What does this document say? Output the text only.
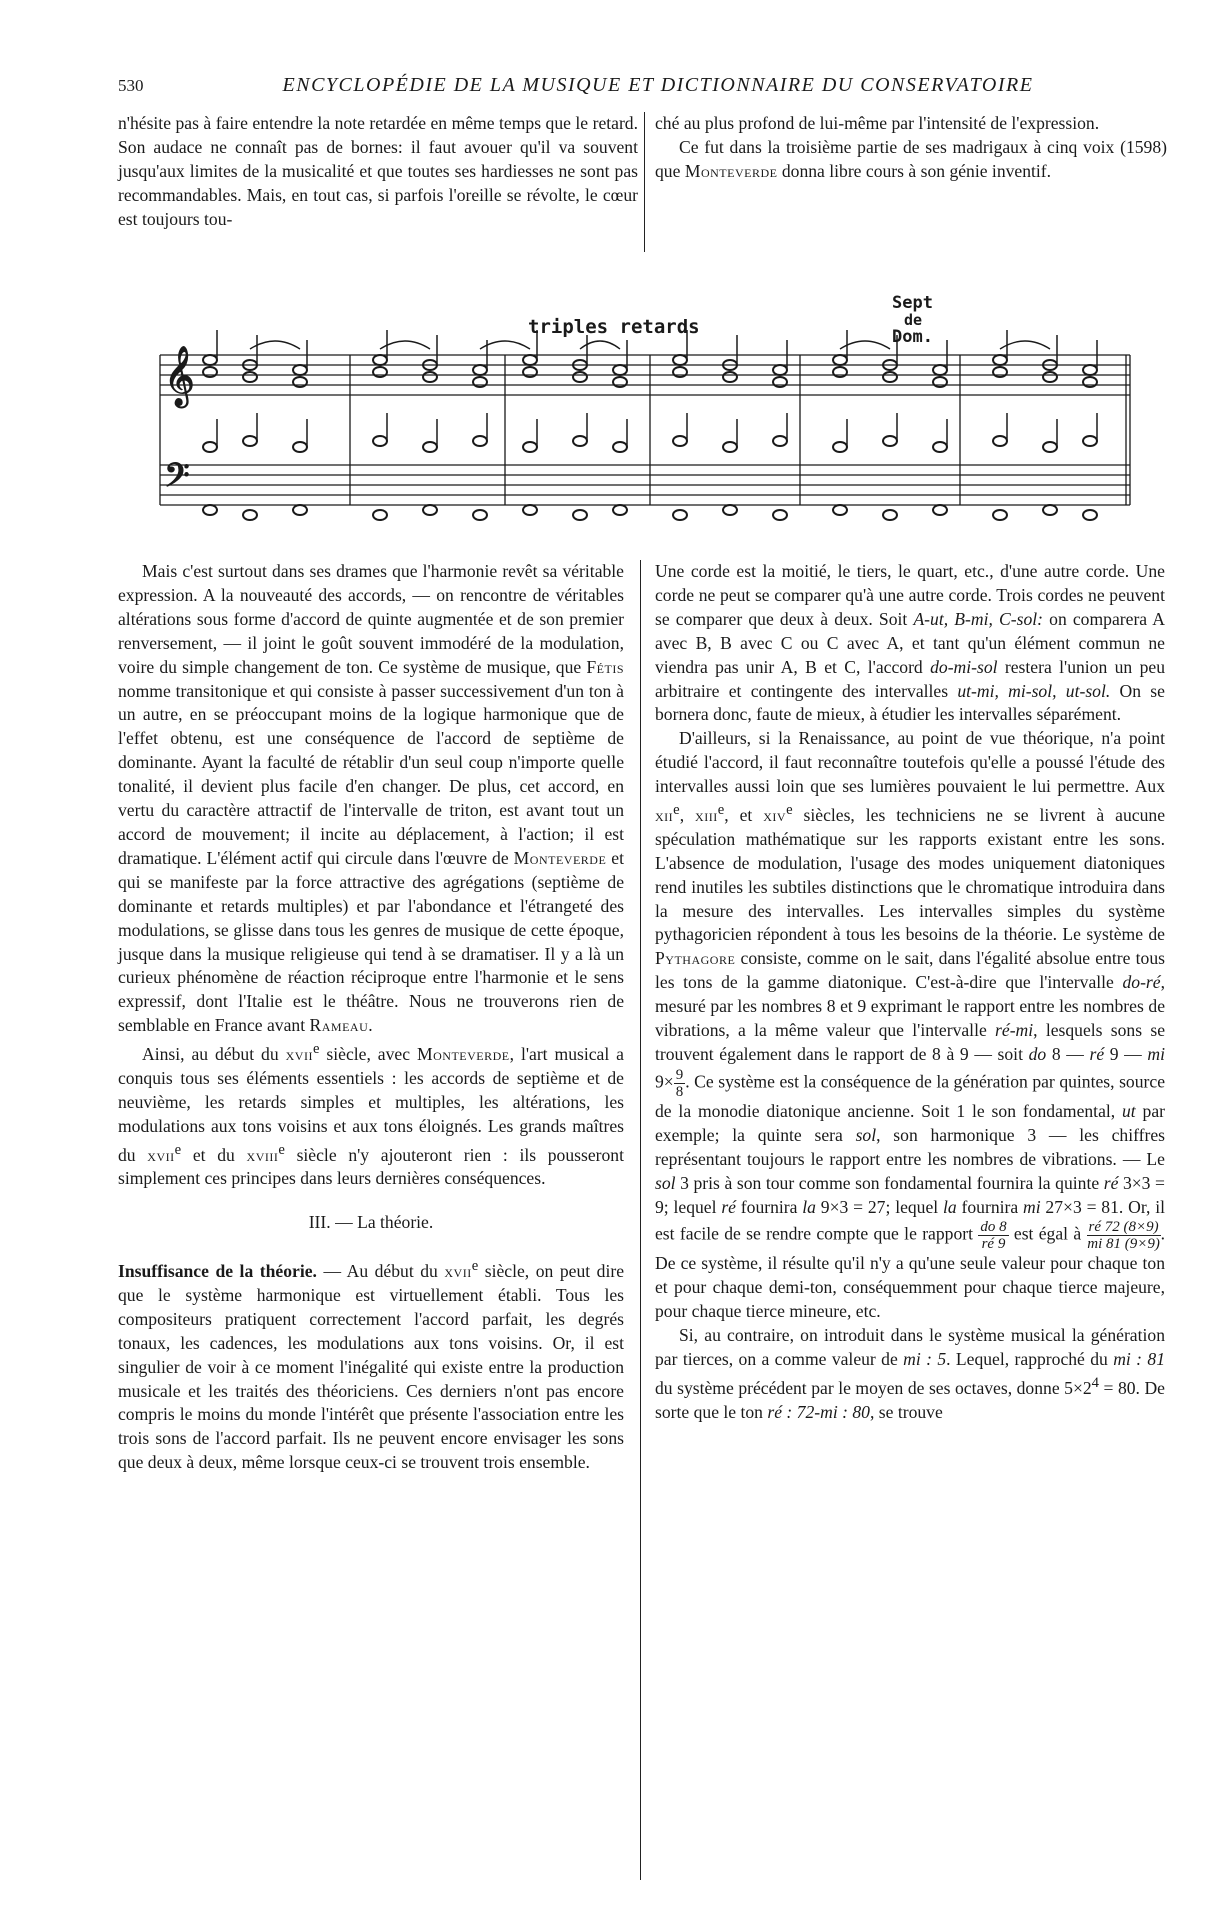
530	ENCYCLOPÉDIE DE LA MUSIQUE ET DICTIONNAIRE DU CONSERVATOIRE

n'hésite pas à faire entendre la note retardée en même temps que le retard. Son audace ne connaît pas de bornes: il faut avouer qu'il va souvent jusqu'aux limites de la musicalité et que toutes ses hardiesses ne sont pas recommandables. Mais, en tout cas, si parfois l'oreille se révolte, le cœur est toujours tou-

ché au plus profond de lui-même par l'intensité de l'expression.

Ce fut dans la troisième partie de ses madrigaux à cinq voix (1598) que Monteverde donna libre cours à son génie inventif.

triples retards
Sept
de
Dom.
𝄞
𝄢

Mais c'est surtout dans ses drames que l'harmonie revêt sa véritable expression. A la nouveauté des accords, — on rencontre de véritables altérations sous forme d'accord de quinte augmentée et de son premier renversement, — il joint le goût souvent immodéré de la modulation, voire du simple changement de ton. Ce système de musique, que Fétis nomme transitonique et qui consiste à passer successivement d'un ton à un autre, en se préoccupant moins de la logique harmonique que de l'effet obtenu, est une conséquence de l'accord de septième de dominante. Ayant la faculté de rétablir d'un seul coup n'importe quelle tonalité, il devient plus facile d'en changer. De plus, cet accord, en vertu du caractère attractif de l'intervalle de triton, est avant tout un accord de mouvement; il incite au déplacement, à l'action; il est dramatique. L'élément actif qui circule dans l'œuvre de Monteverde et qui se manifeste par la force attractive des agrégations (septième de dominante et retards multiples) et par l'abondance et l'étrangeté des modulations, se glisse dans tous les genres de musique de cette époque, jusque dans la musique religieuse qui tend à se dramatiser. Il y a là un curieux phénomène de réaction réciproque entre l'harmonie et le sens expressif, dont l'Italie est le théâtre. Nous ne trouverons rien de semblable en France avant Rameau.

Ainsi, au début du xvii$^e$ siècle, avec Monteverde, l'art musical a conquis tous ses éléments essentiels : les accords de septième et de neuvième, les retards simples et multiples, les altérations, les modulations aux tons voisins et aux tons éloignés. Les grands maîtres du xvii$^e$ et du xviii$^e$ siècle n'y ajouteront rien : ils pousseront simplement ces principes dans leurs dernières conséquences.

III. — La théorie.

Insuffisance de la théorie. — Au début du xvii$^e$ siècle, on peut dire que le système harmonique est virtuellement établi. Tous les compositeurs pratiquent correctement l'accord parfait, les degrés tonaux, les cadences, les modulations aux tons voisins. Or, il est singulier de voir à ce moment l'inégalité qui existe entre la production musicale et les traités des théoriciens. Ces derniers n'ont pas encore compris le moins du monde l'intérêt que présente l'association entre les trois sons de l'accord parfait. Ils ne peuvent encore envisager les sons que deux à deux, même lorsque ceux-ci se trouvent trois ensemble.

Une corde est la moitié, le tiers, le quart, etc., d'une autre corde. Une corde ne peut se comparer qu'à une autre corde. Trois cordes ne peuvent se comparer que deux à deux. Soit A-ut, B-mi, C-sol: on comparera A avec B, B avec C ou C avec A, et tant qu'un élément commun ne viendra pas unir A, B et C, l'accord do-mi-sol restera l'union un peu arbitraire et contingente des intervalles ut-mi, mi-sol, ut-sol. On se bornera donc, faute de mieux, à étudier les intervalles séparément.

D'ailleurs, si la Renaissance, au point de vue théorique, n'a point étudié l'accord, il faut reconnaître toutefois qu'elle a poussé l'étude des intervalles aussi loin que ses lumières pouvaient le lui permettre. Aux xii$^e$, xiii$^e$, et xiv$^e$ siècles, les techniciens ne se livrent à aucune spéculation mathématique sur les rapports existant entre les sons. L'absence de modulation, l'usage des modes uniquement diatoniques rend inutiles les subtiles distinctions que le chromatique introduira dans la mesure des intervalles. Les intervalles simples du système pythagoricien répondent à tous les besoins de la théorie. Le système de Pythagore consiste, comme on le sait, dans l'égalité absolue entre tous les tons de la gamme diatonique. C'est-à-dire que l'intervalle do-ré, mesuré par les nombres 8 et 9 exprimant le rapport entre les nombres de vibrations, a la même valeur que l'intervalle ré-mi, lesquels sons se trouvent également dans le rapport de 8 à 9 — soit do 8 — ré 9 — mi $9\times \frac{9}{8}$ . Ce système est la conséquence de la génération par quintes, source de la monodie diatonique ancienne. Soit 1 le son fondamental, ut par exemple; la quinte sera sol, son harmonique 3 — les chiffres représentant toujours le rapport entre les nombres de vibrations. — Le sol 3 pris à son tour comme son fondamental fournira la quinte ré 3×3 = 9; lequel ré fournira la 9×3 = 27; lequel la fournira mi 27×3 = 81. Or, il est facile de se rendre compte que le rapport $\frac{do 8}{ré 9}$ est égal à $\frac{ré 72 (8\times 9)}{mi 81 (9\times 9)}$ . De ce système, il résulte qu'il n'y a qu'une seule valeur pour chaque ton et pour chaque demi-ton, conséquemment pour chaque tierce majeure, pour chaque tierce mineure, etc.

Si, au contraire, on introduit dans le système musical la génération par tierces, on a comme valeur de mi : 5. Lequel, rapproché du mi : 81 du système précédent par le moyen de ses octaves, donne $5\times 2^4 = 80$. De sorte que le ton ré : 72-mi : 80, se trouve
